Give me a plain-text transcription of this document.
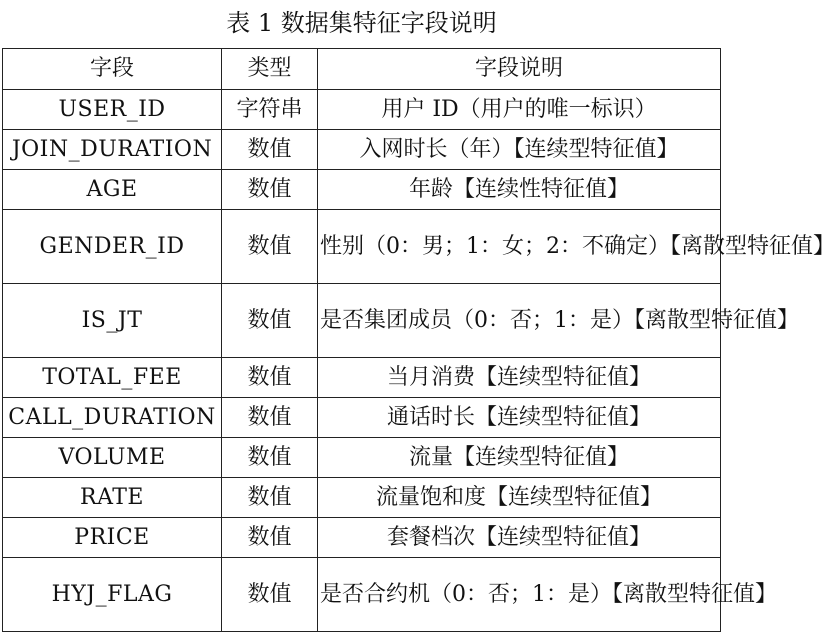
表 1 数据集特征字段说明
字段	类型	字段说明
USER_ID	字符串	用户 ID（用户的唯一标识）
JOIN_DURATION	数值	入网时长（年）【连续型特征值】
AGE	数值	年龄【连续性特征值】
GENDER_ID	数值	性别（0：男；1：女；2：不确定）【离散型特征值】
IS_JT	数值	是否集团成员（0：否；1：是）【离散型特征值】
TOTAL_FEE	数值	当月消费【连续型特征值】
CALL_DURATION	数值	通话时长【连续型特征值】
VOLUME	数值	流量【连续型特征值】
RATE	数值	流量饱和度【连续型特征值】
PRICE	数值	套餐档次【连续型特征值】
HYJ_FLAG	数值	是否合约机（0：否；1：是）【离散型特征值】
